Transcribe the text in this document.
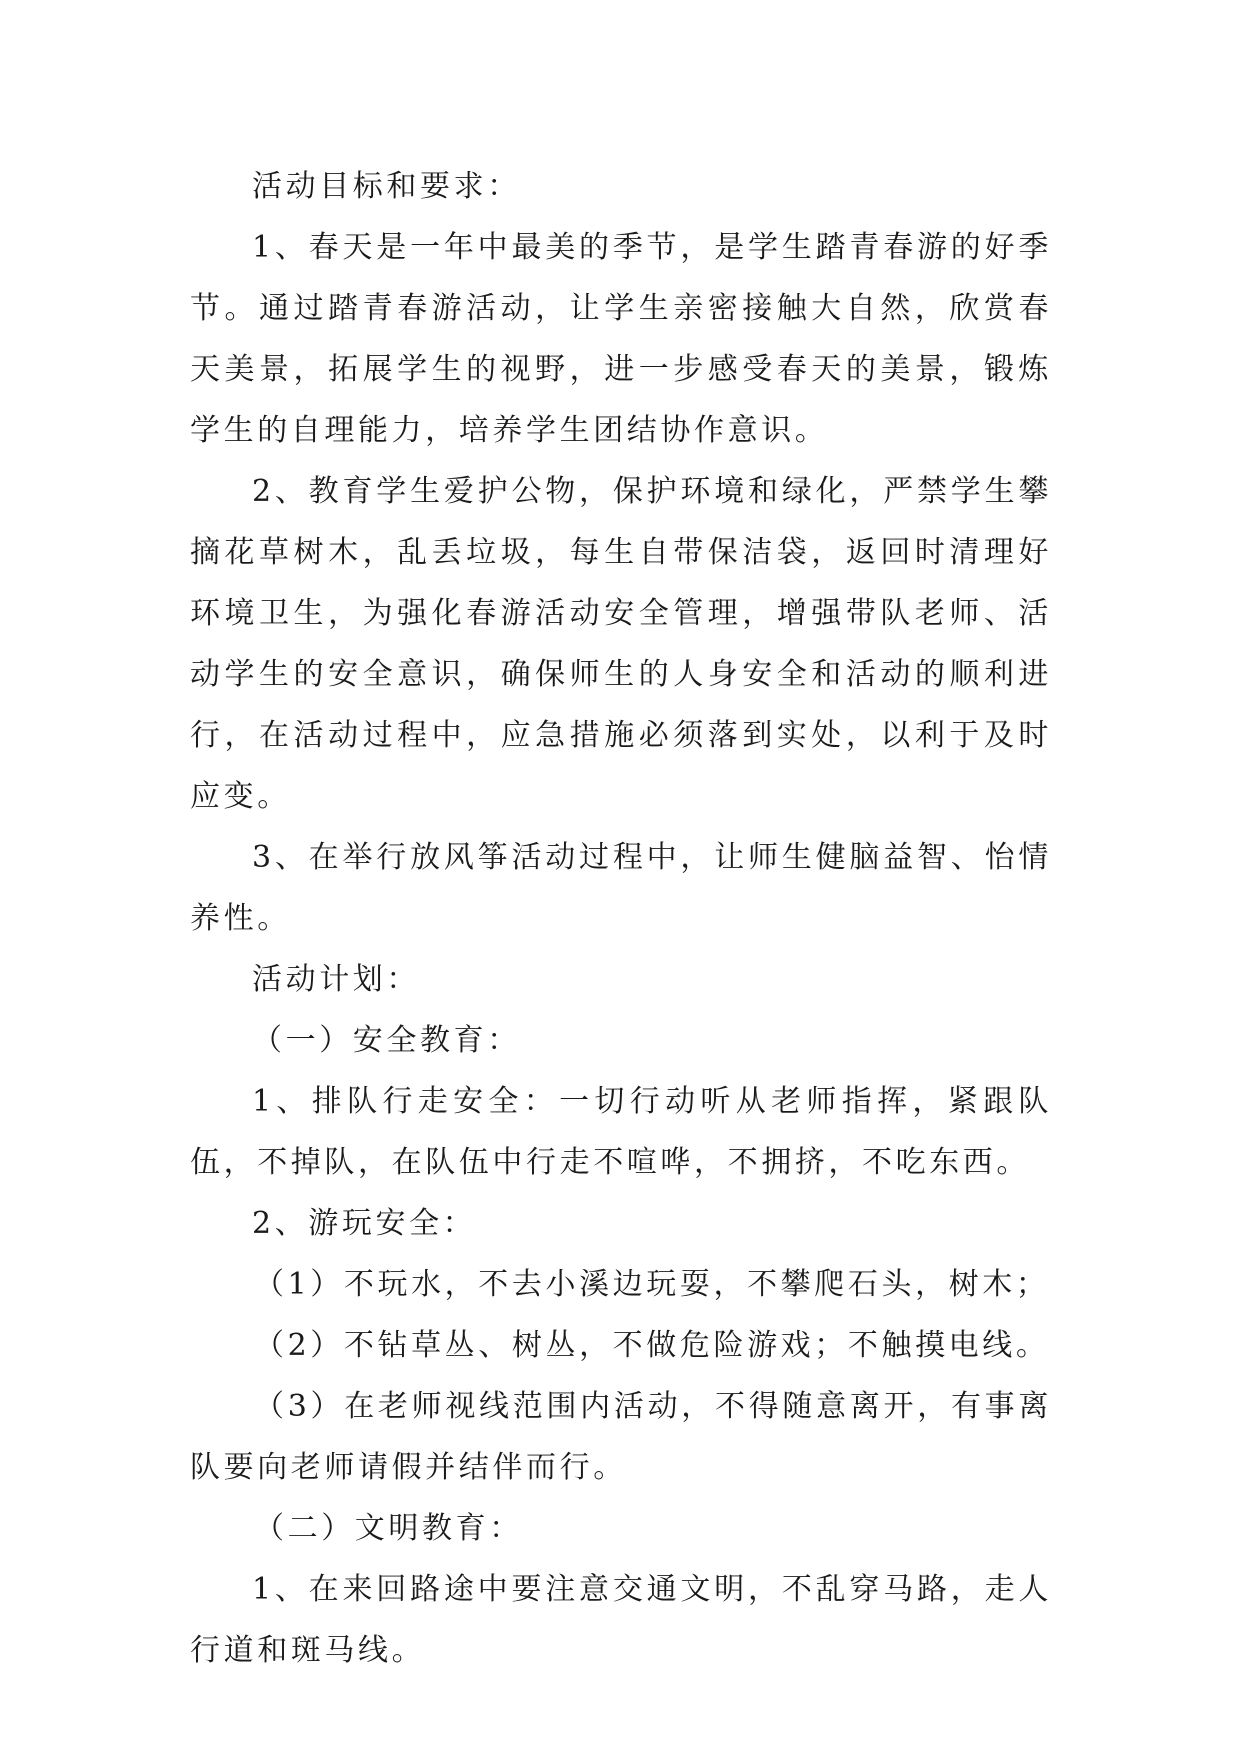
活动目标和要求：

1、春天是一年中最美的季节，是学生踏青春游的好季节。通过踏青春游活动，让学生亲密接触大自然，欣赏春天美景，拓展学生的视野，进一步感受春天的美景，锻炼学生的自理能力，培养学生团结协作意识。

2、教育学生爱护公物，保护环境和绿化，严禁学生攀摘花草树木，乱丢垃圾，每生自带保洁袋，返回时清理好环境卫生，为强化春游活动安全管理，增强带队老师、活动学生的安全意识，确保师生的人身安全和活动的顺利进行，在活动过程中，应急措施必须落到实处，以利于及时应变。

3、在举行放风筝活动过程中，让师生健脑益智、怡情养性。

活动计划：

（一）安全教育：

1、排队行走安全：一切行动听从老师指挥，紧跟队伍，不掉队，在队伍中行走不喧哗，不拥挤，不吃东西。

2、游玩安全：

（1）不玩水，不去小溪边玩耍，不攀爬石头，树木；

（2）不钻草丛、树丛，不做危险游戏；不触摸电线。

（3）在老师视线范围内活动，不得随意离开，有事离队要向老师请假并结伴而行。

（二）文明教育：

1、在来回路途中要注意交通文明，不乱穿马路，走人行道和斑马线。
